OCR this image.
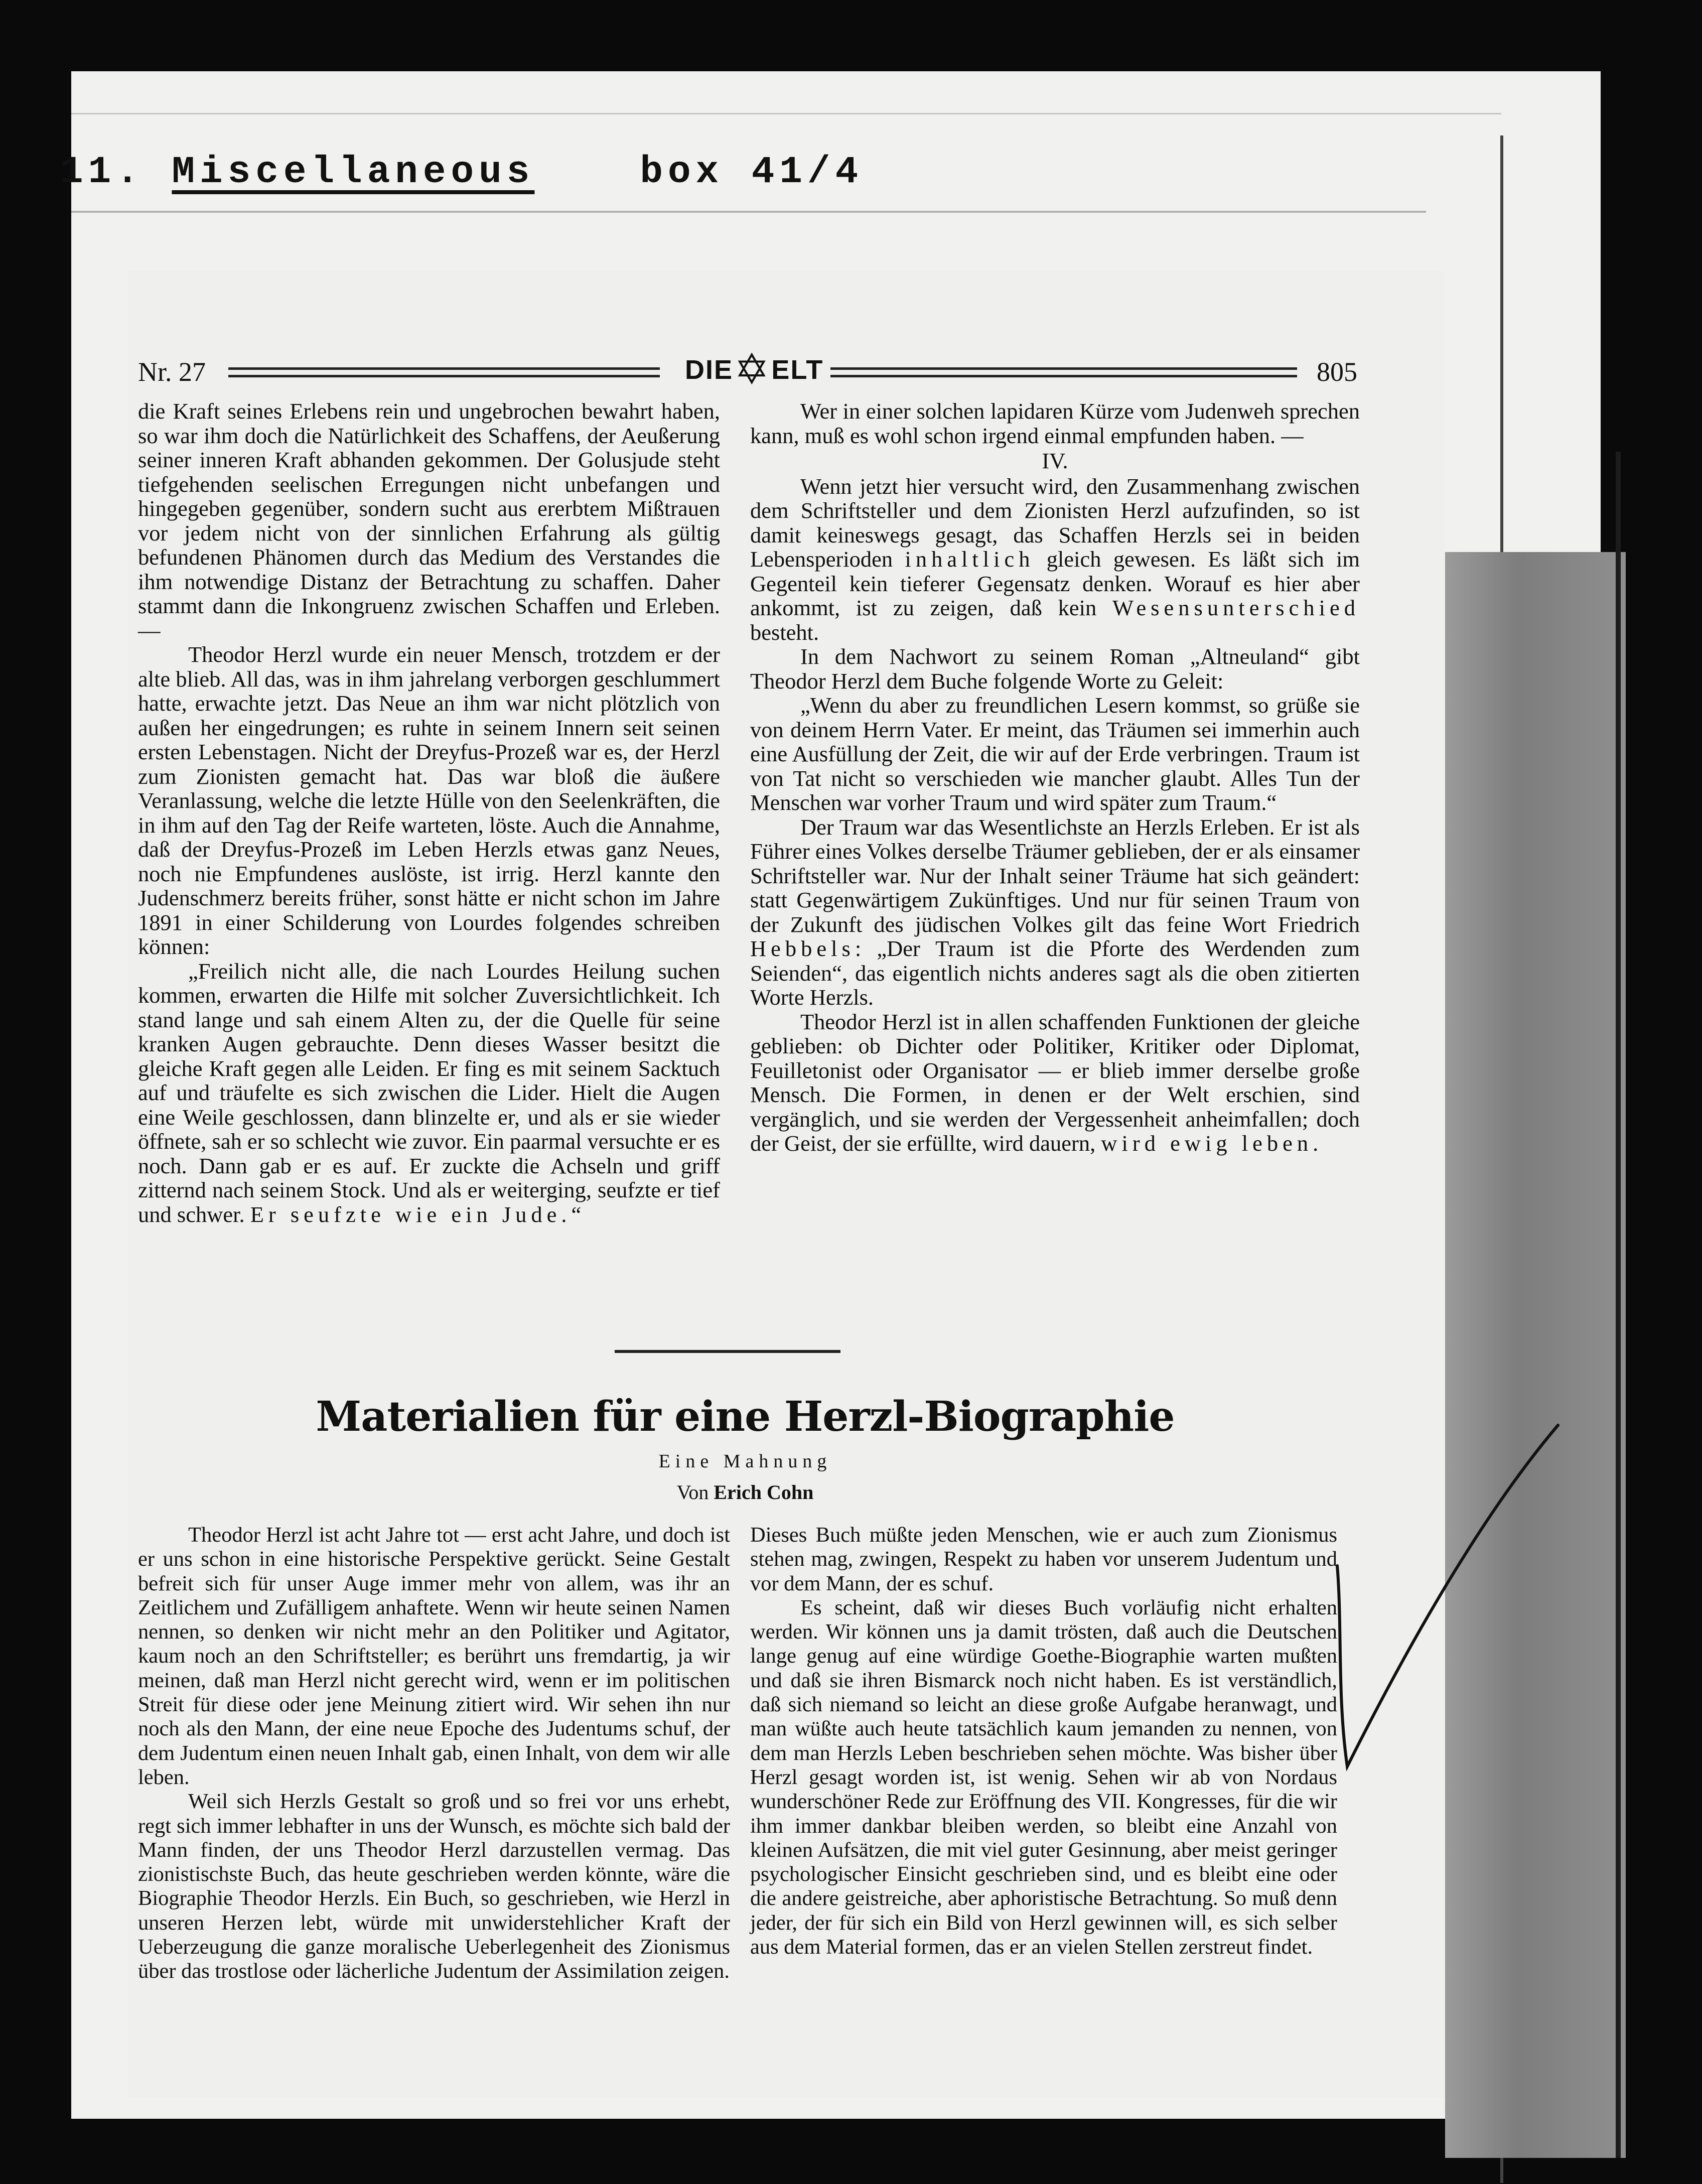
11. Miscellaneous	box 41/4
Nr. 27	DIE✡ELT	805

die Kraft seines Erlebens rein und ungebrochen bewahrt haben, so war ihm doch die Natürlichkeit des Schaffens, der Aeußerung seiner inneren Kraft abhanden gekommen. Der Golusjude steht tiefgehenden seelischen Erregungen nicht unbefangen und hingegeben gegenüber, sondern sucht aus ererbtem Mißtrauen vor jedem nicht von der sinnlichen Erfahrung als gültig befundenen Phänomen durch das Medium des Verstandes die ihm notwendige Distanz der Betrachtung zu schaffen. Daher stammt dann die Inkongruenz zwischen Schaffen und Erleben. —

Theodor Herzl wurde ein neuer Mensch, trotzdem er der alte blieb. All das, was in ihm jahrelang verborgen geschlummert hatte, erwachte jetzt. Das Neue an ihm war nicht plötzlich von außen her eingedrungen; es ruhte in seinem Innern seit seinen ersten Lebenstagen. Nicht der Dreyfus-Prozeß war es, der Herzl zum Zionisten gemacht hat. Das war bloß die äußere Veranlassung, welche die letzte Hülle von den Seelenkräften, die in ihm auf den Tag der Reife warteten, löste. Auch die Annahme, daß der Dreyfus-Prozeß im Leben Herzls etwas ganz Neues, noch nie Empfundenes auslöste, ist irrig. Herzl kannte den Judenschmerz bereits früher, sonst hätte er nicht schon im Jahre 1891 in einer Schilderung von Lourdes folgendes schreiben können:

„Freilich nicht alle, die nach Lourdes Heilung suchen kommen, erwarten die Hilfe mit solcher Zuversichtlichkeit. Ich stand lange und sah einem Alten zu, der die Quelle für seine kranken Augen gebrauchte. Denn dieses Wasser besitzt die gleiche Kraft gegen alle Leiden. Er fing es mit seinem Sacktuch auf und träufelte es sich zwischen die Lider. Hielt die Augen eine Weile geschlossen, dann blinzelte er, und als er sie wieder öffnete, sah er so schlecht wie zuvor. Ein paarmal versuchte er es noch. Dann gab er es auf. Er zuckte die Achseln und griff zitternd nach seinem Stock. Und als er weiterging, seufzte er tief und schwer. Er seufzte wie ein Jude.“

Wer in einer solchen lapidaren Kürze vom Judenweh sprechen kann, muß es wohl schon irgend einmal empfunden haben. —

IV.

Wenn jetzt hier versucht wird, den Zusammenhang zwischen dem Schriftsteller und dem Zionisten Herzl aufzufinden, so ist damit keineswegs gesagt, das Schaffen Herzls sei in beiden Lebensperioden inhaltlich gleich gewesen. Es läßt sich im Gegenteil kein tieferer Gegensatz denken. Worauf es hier aber ankommt, ist zu zeigen, daß kein Wesensunterschied besteht.

In dem Nachwort zu seinem Roman „Altneuland“ gibt Theodor Herzl dem Buche folgende Worte zu Geleit:

„Wenn du aber zu freundlichen Lesern kommst, so grüße sie von deinem Herrn Vater. Er meint, das Träumen sei immerhin auch eine Ausfüllung der Zeit, die wir auf der Erde verbringen. Traum ist von Tat nicht so verschieden wie mancher glaubt. Alles Tun der Menschen war vorher Traum und wird später zum Traum.“

Der Traum war das Wesentlichste an Herzls Erleben. Er ist als Führer eines Volkes derselbe Träumer geblieben, der er als einsamer Schriftsteller war. Nur der Inhalt seiner Träume hat sich geändert: statt Gegenwärtigem Zukünftiges. Und nur für seinen Traum von der Zukunft des jüdischen Volkes gilt das feine Wort Friedrich Hebbels: „Der Traum ist die Pforte des Werdenden zum Seienden“, das eigentlich nichts anderes sagt als die oben zitierten Worte Herzls.

Theodor Herzl ist in allen schaffenden Funktionen der gleiche geblieben: ob Dichter oder Politiker, Kritiker oder Diplomat, Feuilletonist oder Organisator — er blieb immer derselbe große Mensch. Die Formen, in denen er der Welt erschien, sind vergänglich, und sie werden der Vergessenheit anheimfallen; doch der Geist, der sie erfüllte, wird dauern, wird ewig leben.

Materialien für eine Herzl-Biographie
Eine Mahnung
Von Erich Cohn

Theodor Herzl ist acht Jahre tot — erst acht Jahre, und doch ist er uns schon in eine historische Perspektive gerückt. Seine Gestalt befreit sich für unser Auge immer mehr von allem, was ihr an Zeitlichem und Zufälligem anhaftete. Wenn wir heute seinen Namen nennen, so denken wir nicht mehr an den Politiker und Agitator, kaum noch an den Schriftsteller; es berührt uns fremdartig, ja wir meinen, daß man Herzl nicht gerecht wird, wenn er im politischen Streit für diese oder jene Meinung zitiert wird. Wir sehen ihn nur noch als den Mann, der eine neue Epoche des Judentums schuf, der dem Judentum einen neuen Inhalt gab, einen Inhalt, von dem wir alle leben.

Weil sich Herzls Gestalt so groß und so frei vor uns erhebt, regt sich immer lebhafter in uns der Wunsch, es möchte sich bald der Mann finden, der uns Theodor Herzl darzustellen vermag. Das zionistischste Buch, das heute geschrieben werden könnte, wäre die Biographie Theodor Herzls. Ein Buch, so geschrieben, wie Herzl in unseren Herzen lebt, würde mit unwiderstehlicher Kraft der Ueberzeugung die ganze moralische Ueberlegenheit des Zionismus über das trostlose oder lächerliche Judentum der Assimilation zeigen.

Dieses Buch müßte jeden Menschen, wie er auch zum Zionismus stehen mag, zwingen, Respekt zu haben vor unserem Judentum und vor dem Mann, der es schuf.

Es scheint, daß wir dieses Buch vorläufig nicht erhalten werden. Wir können uns ja damit trösten, daß auch die Deutschen lange genug auf eine würdige Goethe-Biographie warten mußten und daß sie ihren Bismarck noch nicht haben. Es ist verständlich, daß sich niemand so leicht an diese große Aufgabe heranwagt, und man wüßte auch heute tatsächlich kaum jemanden zu nennen, von dem man Herzls Leben beschrieben sehen möchte. Was bisher über Herzl gesagt worden ist, ist wenig. Sehen wir ab von Nordaus wunderschöner Rede zur Eröffnung des VII. Kongresses, für die wir ihm immer dankbar bleiben werden, so bleibt eine Anzahl von kleinen Aufsätzen, die mit viel guter Gesinnung, aber meist geringer psychologischer Einsicht geschrieben sind, und es bleibt eine oder die andere geistreiche, aber aphoristische Betrachtung. So muß denn jeder, der für sich ein Bild von Herzl gewinnen will, es sich selber aus dem Material formen, das er an vielen Stellen zerstreut findet.
